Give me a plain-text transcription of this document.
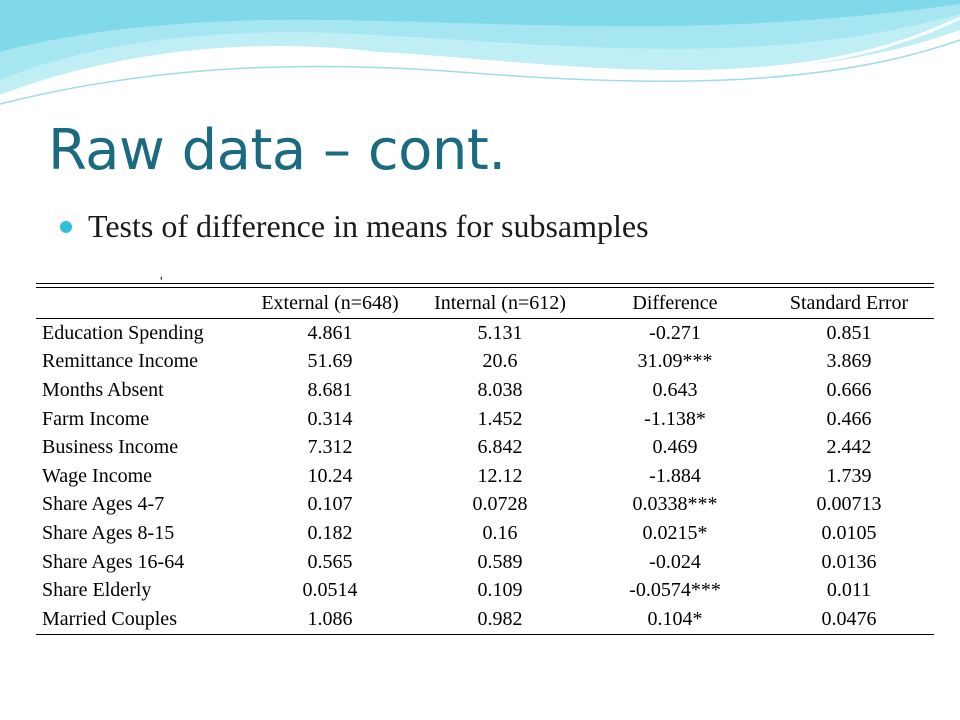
Raw data – cont.
Tests of difference in means for subsamples
'

	External (n=648)	Internal (n=612)	Difference	Standard Error
Education Spending	4.861	5.131	-0.271	0.851
Remittance Income	51.69	20.6	31.09***	3.869
Months Absent	8.681	8.038	0.643	0.666
Farm Income	0.314	1.452	-1.138*	0.466
Business Income	7.312	6.842	0.469	2.442
Wage Income	10.24	12.12	-1.884	1.739
Share Ages 4-7	0.107	0.0728	0.0338***	0.00713
Share Ages 8-15	0.182	0.16	0.0215*	0.0105
Share Ages 16-64	0.565	0.589	-0.024	0.0136
Share Elderly	0.0514	0.109	-0.0574***	0.011
Married Couples	1.086	0.982	0.104*	0.0476
